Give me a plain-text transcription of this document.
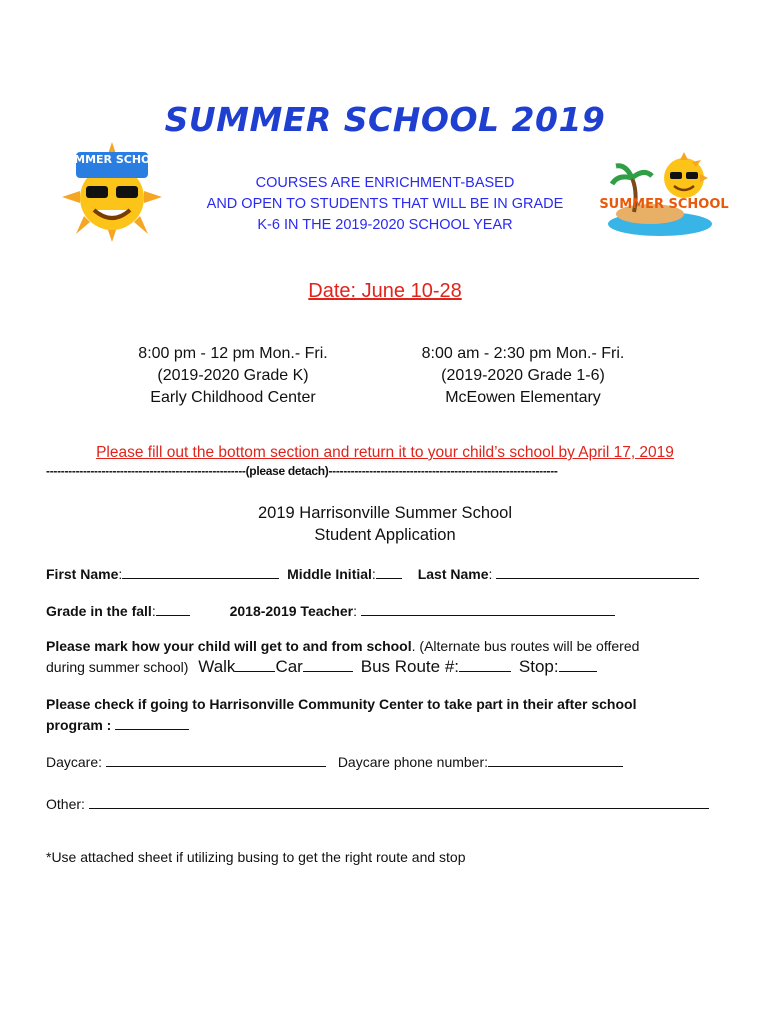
SUMMER SCHOOL 2019
SUMMER SCHOOL
COURSES ARE ENRICHMENT-BASED
AND OPEN TO STUDENTS THAT WILL BE IN GRADE
K-6 IN THE 2019-2020 SCHOOL YEAR
SUMMER SCHOOL
Date: June 10-28
8:00 pm - 12 pm Mon.- Fri.
(2019-2020 Grade K)
Early Childhood Center
8:00 am - 2:30 pm Mon.- Fri.
(2019-2020 Grade 1-6)
McEowen Elementary
Please fill out the bottom section and return it to your child’s school by April 17, 2019
------------------------------------------------------(please detach)--------------------------------------------------------------
2019 Harrisonville Summer School
Student Application
First Name:	Middle Initial:	Last Name:
Grade in the fall:	2018-2019 Teacher:
Please mark how your child will get to and from school. (Alternate bus routes will be offered
during summer school) Walk Car	Bus Route #:	Stop:
Please check if going to Harrisonville Community Center to take part in their after school
program :
Daycare:	Daycare phone number:
Other:
*Use attached sheet if utilizing busing to get the right route and stop
